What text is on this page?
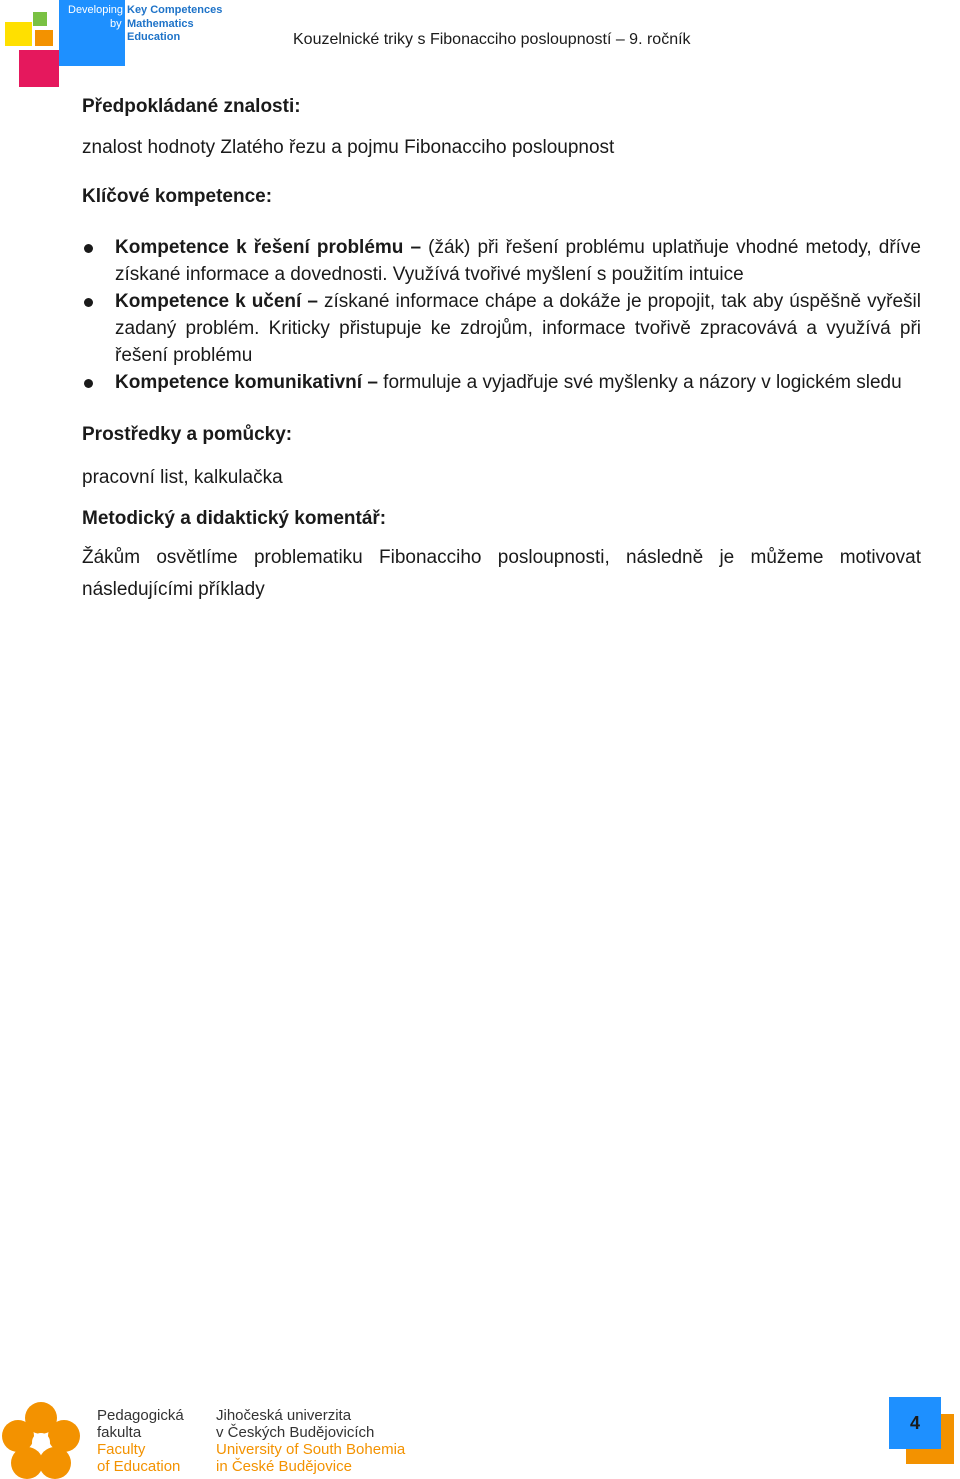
Developing
by
Key Competences
Mathematics
Education	Kouzelnické triky s Fibonacciho posloupností – 9. ročník

Předpokládané znalosti:

znalost hodnoty Zlatého řezu a pojmu Fibonacciho posloupnost

Klíčové kompetence:

Kompetence k řešení problému – (žák) při řešení problému uplatňuje vhodné metody, dříve získané informace a dovednosti. Využívá tvořivé myšlení s použitím intuice
Kompetence k učení – získané informace chápe a dokáže je propojit, tak aby úspěšně vyřešil zadaný problém. Kriticky přistupuje ke zdrojům, informace tvořivě zpracovává a využívá při řešení problému
Kompetence komunikativní – formuluje a vyjadřuje své myšlenky a názory v logickém sledu

Prostředky a pomůcky:

pracovní list, kalkulačka

Metodický a didaktický komentář:

Žákům osvětlíme problematiku Fibonacciho posloupnosti, následně je můžeme motivovat následujícími příklady

Pedagogická
fakulta
Faculty
of Education
Jihočeská univerzita
v Českých Budějovicích
University of South Bohemia
in České Budějovice
4
